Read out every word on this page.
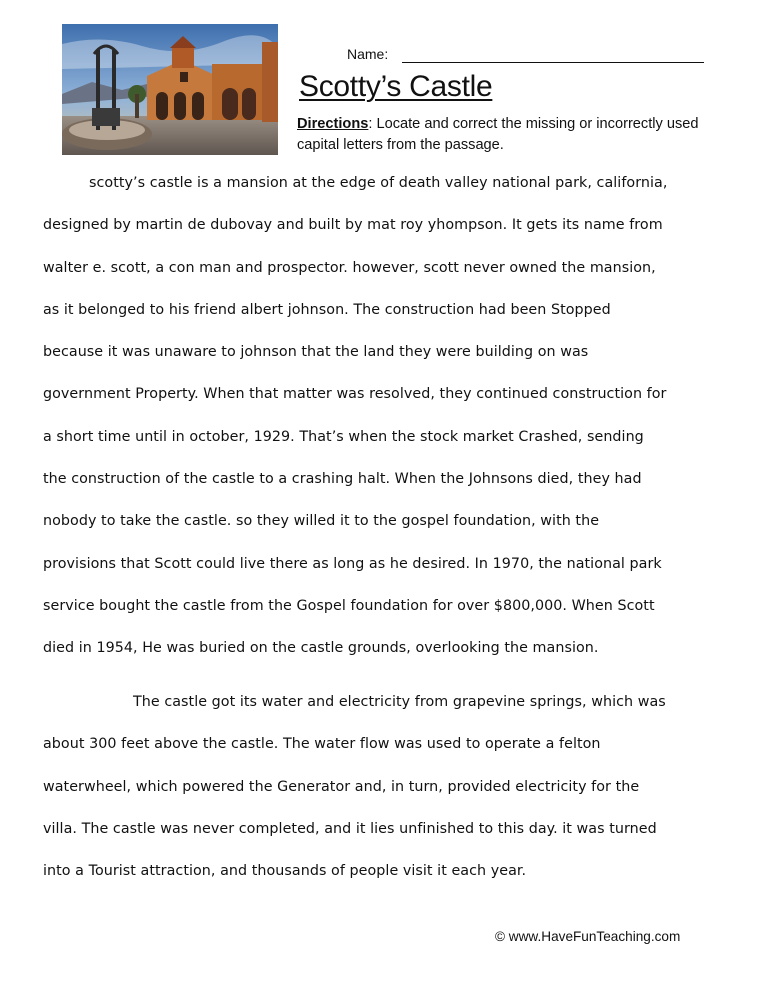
Name:
Scotty’s Castle
Directions: Locate and correct the missing or incorrectly used capital letters from the passage.
scotty’s castle is a mansion at the edge of death valley national park, california,
designed by martin de dubovay and built by mat roy yhompson. It gets its name from
walter e. scott, a con man and prospector. however, scott never owned the mansion,
as it belonged to his friend albert johnson. The construction had been Stopped
because it was unaware to johnson that the land they were building on was
government Property. When that matter was resolved, they continued construction for
a short time until in october, 1929. That’s when the stock market Crashed, sending
the construction of the castle to a crashing halt. When the Johnsons died, they had
nobody to take the castle. so they willed it to the gospel foundation, with the
provisions that Scott could live there as long as he desired. In 1970, the national park
service bought the castle from the Gospel foundation for over $800,000. When Scott
died in 1954, He was buried on the castle grounds, overlooking the mansion.
The castle got its water and electricity from grapevine springs, which was
about 300 feet above the castle. The water flow was used to operate a felton
waterwheel, which powered the Generator and, in turn, provided electricity for the
villa. The castle was never completed, and it lies unfinished to this day. it was turned
into a Tourist attraction, and thousands of people visit it each year.
© www.HaveFunTeaching.com
